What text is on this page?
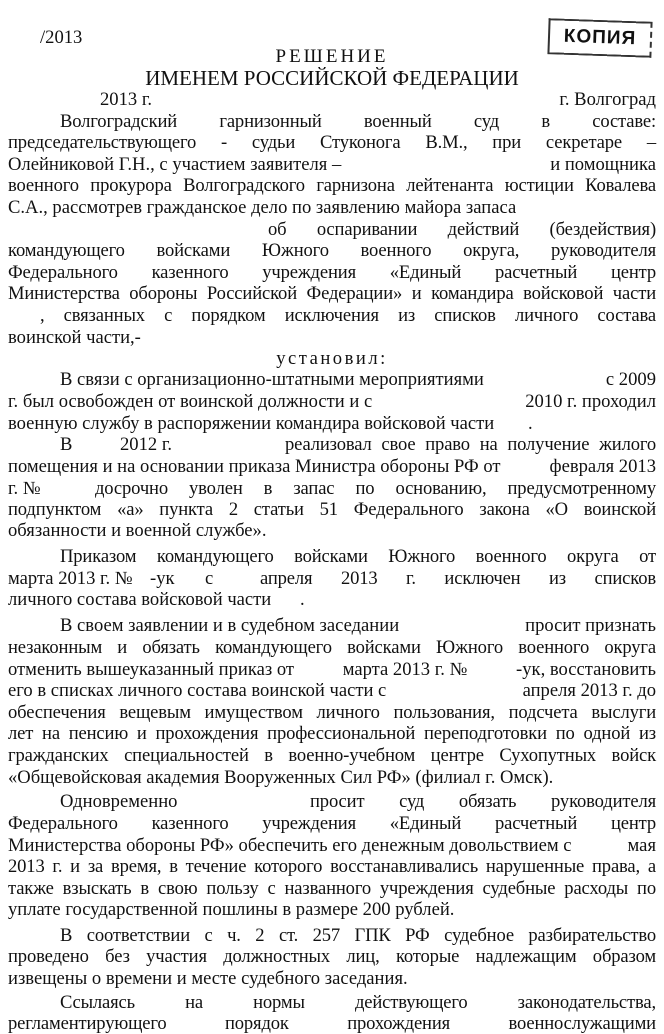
КОПИЯ
/2013
РЕШЕНИЕ
ИМЕНЕМ РОССИЙСКОЙ ФЕДЕРАЦИИ
2013 г.	г. Волгоград
Волгоградский гарнизонный военный суд в составе:
председательствующего - судьи Стуконога В.М., при секретаре –
Олейниковой Г.Н., с участием заявителя –	и помощника
военного прокурора Волгоградского гарнизона лейтенанта юстиции Ковалева
С.А., рассмотрев гражданское дело по заявлению майора запаса
об оспаривании действий (бездействия)
командующего войсками Южного военного округа, руководителя
Федерального казенного учреждения «Единый расчетный центр
Министерства обороны Российской Федерации» и командира войсковой части
, связанных с порядком исключения из списков личного состава
воинской части,-
установил:
В связи с организационно-штатными мероприятиями	с 2009
г. был освобожден от воинской должности и с	2010 г. проходил
военную службу в распоряжении командира войсковой части .
В	2012 г.	реализовал свое право на получение жилого
помещения и на основании приказа Министра обороны РФ от	февраля 2013
г. №	досрочно уволен в запас по основанию, предусмотренному
подпунктом «а» пункта 2 статьи 51 Федерального закона «О воинской
обязанности и военной службе».
Приказом командующего войсками Южного военного округа от
марта 2013 г. № -ук с	апреля 2013 г. исключен из списков
личного состава войсковой части .
В своем заявлении и в судебном заседании	просит признать
незаконным и обязать командующего войсками Южного военного округа
отменить вышеуказанный приказ от	марта 2013 г. №	-ук, восстановить
его в списках личного состава воинской части с	апреля 2013 г. до
обеспечения вещевым имуществом личного пользования, подсчета выслуги
лет на пенсию и прохождения профессиональной переподготовки по одной из
гражданских специальностей в военно-учебном центре Сухопутных войск
«Общевойсковая академия Вооруженных Сил РФ» (филиал г. Омск).
Одновременно	просит суд обязать руководителя
Федерального казенного учреждения «Единый расчетный центр
Министерства обороны РФ» обеспечить его денежным довольствием с	мая
2013 г. и за время, в течение которого восстанавливались нарушенные права, а
также взыскать в свою пользу с названного учреждения судебные расходы по
уплате государственной пошлины в размере 200 рублей.
В соответствии с ч. 2 ст. 257 ГПК РФ судебное разбирательство
проведено без участия должностных лиц, которые надлежащим образом
извещены о времени и месте судебного заседания.
Ссылаясь на нормы действующего законодательства,
регламентирующего порядок прохождения военнослужащими
